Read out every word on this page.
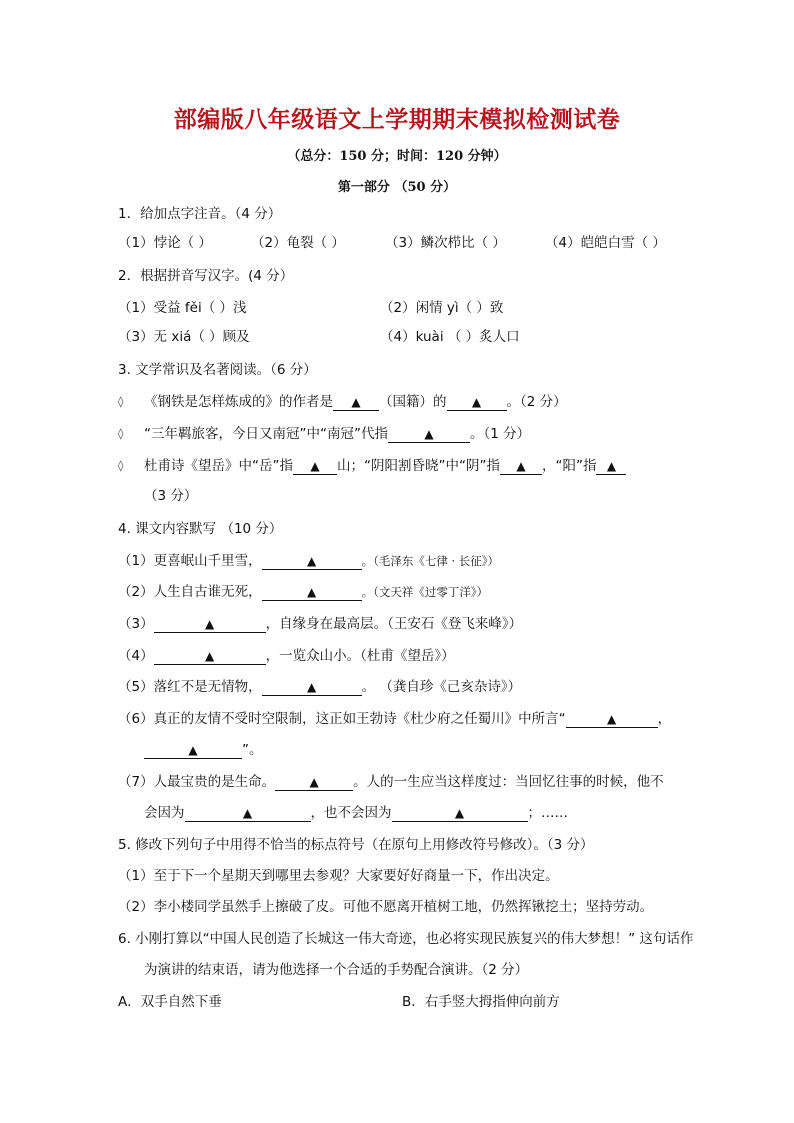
部编版八年级语文上学期期末模拟检测试卷
（总分：150 分；时间：120 分钟）
第一部分 （50 分）
1．给加点字注音。（4 分）
（1）悖论（ ）	（2）龟裂（ ）	（3）鳞次栉比（ ）	（4）皑皑白雪（ ）
2．根据拼音写汉字。(4 分）
（1）受益 fěi（ ）浅	（2）闲情 yì（ ）致
（3）无 xiá（ ）顾及	（4）kuài （ ）炙人口
3. 文学常识及名著阅读。（6 分）
◊ 《钢铁是怎样炼成的》的作者是 ▲ （国籍）的 ▲ 。（2 分）
◊ “三年羁旅客，今日又南冠”中“南冠”代指	▲	。（1 分）
◊ 杜甫诗《望岳》中“岳”指 ▲ 山；“阴阳割昏晓”中“阴”指 ▲ ，“阳”指 ▲
（3 分）
4. 课文内容默写 （10 分）
（1）更喜岷山千里雪，	▲	。（毛泽东《七律 · 长征》）
（2）人生自古谁无死，	▲	。（文天祥《过零丁洋》）
（3）	▲	，自缘身在最高层。（王安石《登飞来峰》）
（4）	▲	，一览众山小。（杜甫《望岳》）
（5）落红不是无情物，	▲	。 （龚自珍《己亥杂诗》）
（6）真正的友情不受时空限制，这正如王勃诗《杜少府之任蜀川》中所言“	▲	，
▲	”。
（7）人最宝贵的是生命。	▲	。人的一生应当这样度过：当回忆往事的时候，他不
会因为	▲	，也不会因为	▲	；……
5. 修改下列句子中用得不恰当的标点符号（在原句上用修改符号修改）。（3 分）
（1）至于下一个星期天到哪里去参观？大家要好好商量一下，作出决定。
（2）李小楼同学虽然手上擦破了皮。可他不愿离开植树工地，仍然挥锹挖土；坚持劳动。
6. 小刚打算以“中国人民创造了长城这一伟大奇迹，也必将实现民族复兴的伟大梦想！” 这句话作
为演讲的结束语，请为他选择一个合适的手势配合演讲。（2 分）
A．双手自然下垂	B．右手竖大拇指伸向前方
